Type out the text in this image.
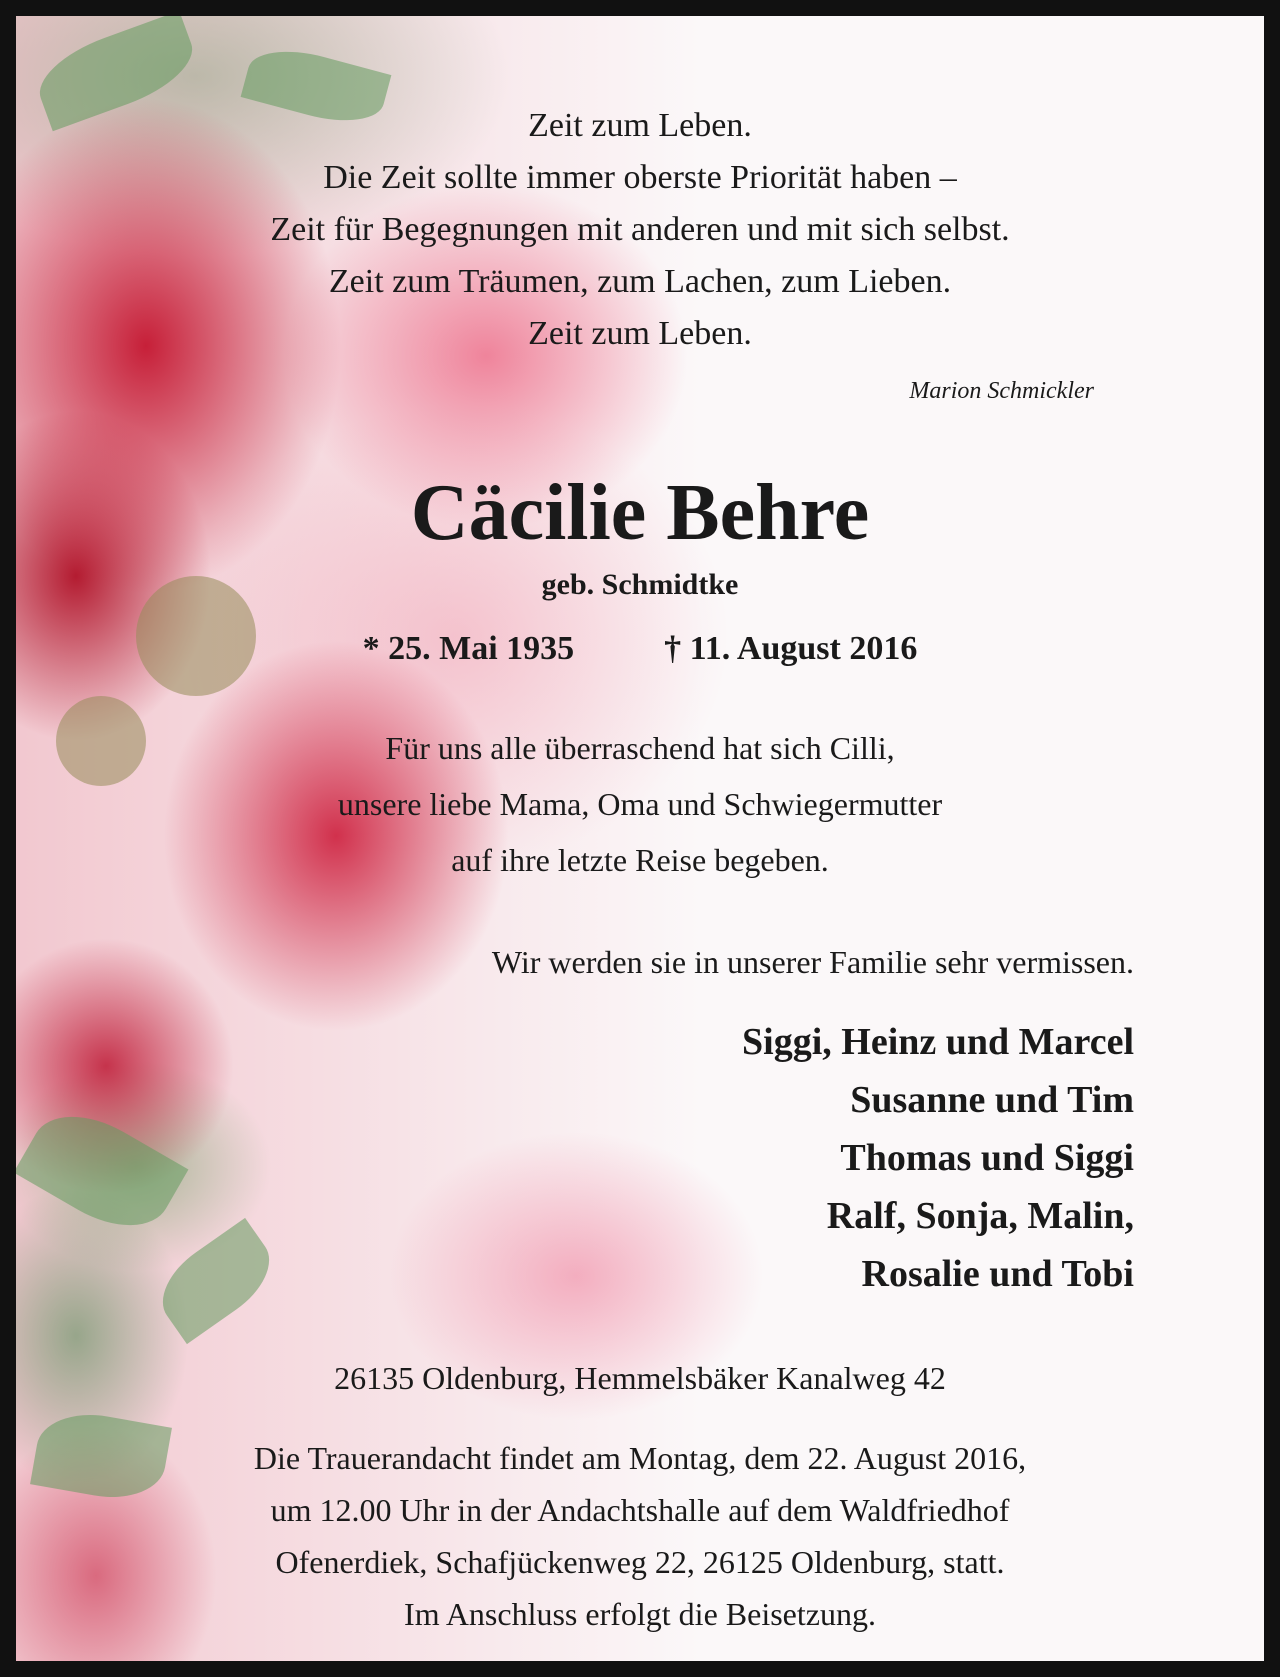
Zeit zum Leben.

Die Zeit sollte immer oberste Priorität haben –

Zeit für Begegnungen mit anderen und mit sich selbst.

Zeit zum Träumen, zum Lachen, zum Lieben.

Zeit zum Leben.

Marion Schmickler

Cäcilie Behre

geb. Schmidtke

* 25. Mai 1935	† 11. August 2016

Für uns alle überraschend hat sich Cilli,

unsere liebe Mama, Oma und Schwiegermutter

auf ihre letzte Reise begeben.

Wir werden sie in unserer Familie sehr vermissen.

Siggi, Heinz und Marcel

Susanne und Tim

Thomas und Siggi

Ralf, Sonja, Malin,

Rosalie und Tobi

26135 Oldenburg, Hemmelsbäker Kanalweg 42

Die Trauerandacht findet am Montag, dem 22. August 2016,

um 12.00 Uhr in der Andachtshalle auf dem Waldfriedhof

Ofenerdiek, Schafjückenweg 22, 26125 Oldenburg, statt.

Im Anschluss erfolgt die Beisetzung.
